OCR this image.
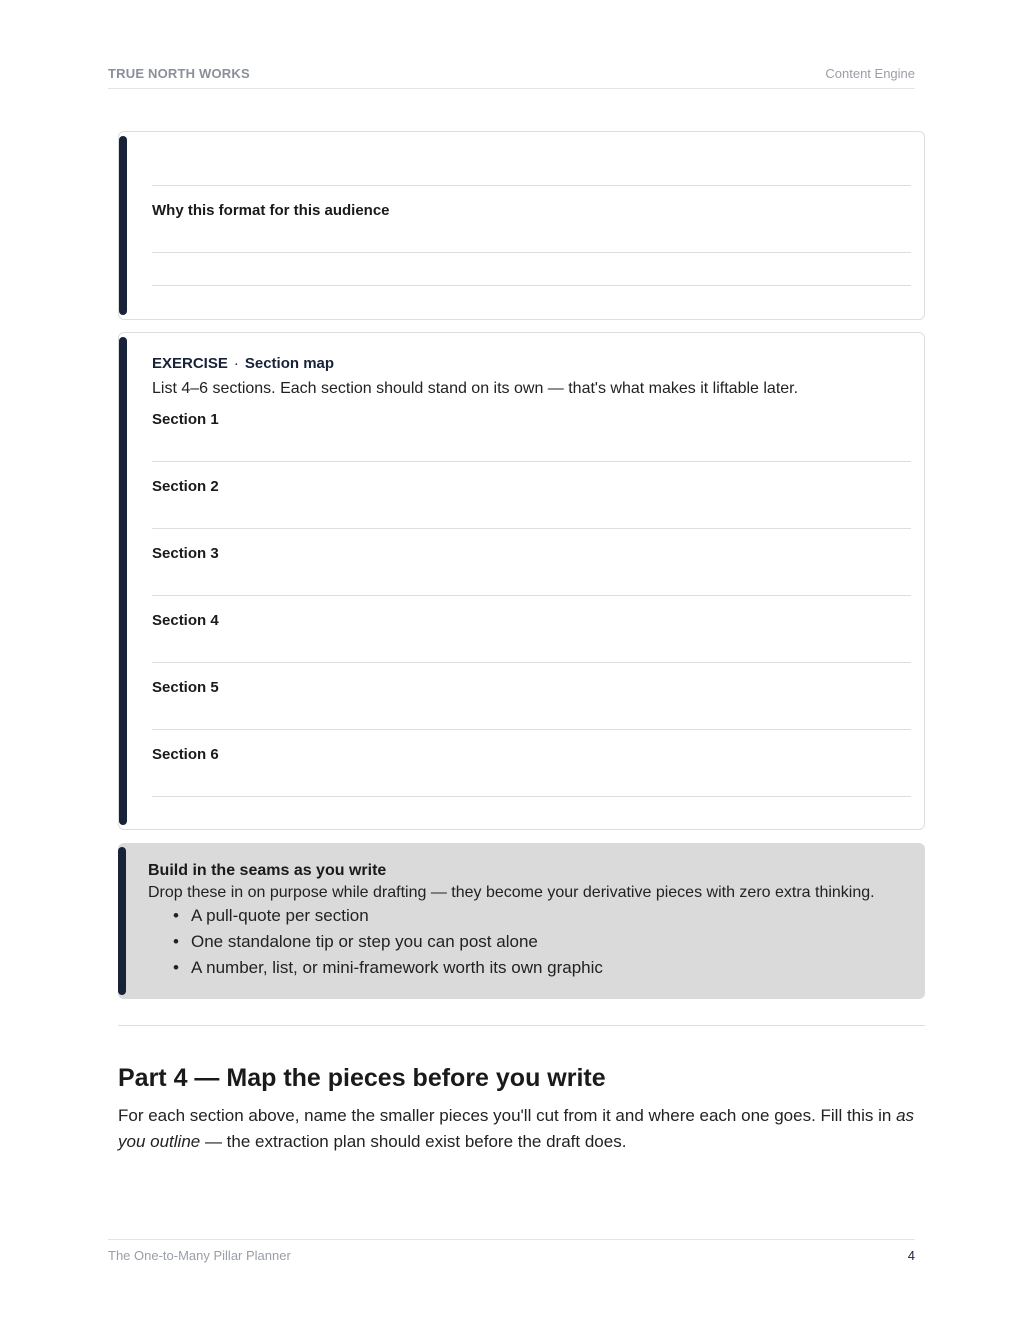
TRUE NORTH WORKS	Content Engine
Why this format for this audience
EXERCISE · Section map
List 4–6 sections. Each section should stand on its own — that's what makes it liftable later.
Section 1
Section 2
Section 3
Section 4
Section 5
Section 6
Build in the seams as you write
Drop these in on purpose while drafting — they become your derivative pieces with zero extra thinking.
• A pull-quote per section
• One standalone tip or step you can post alone
• A number, list, or mini-framework worth its own graphic
Part 4 — Map the pieces before you write

For each section above, name the smaller pieces you'll cut from it and where each one goes. Fill this in as you outline — the extraction plan should exist before the draft does.

The One-to-Many Pillar Planner	4
